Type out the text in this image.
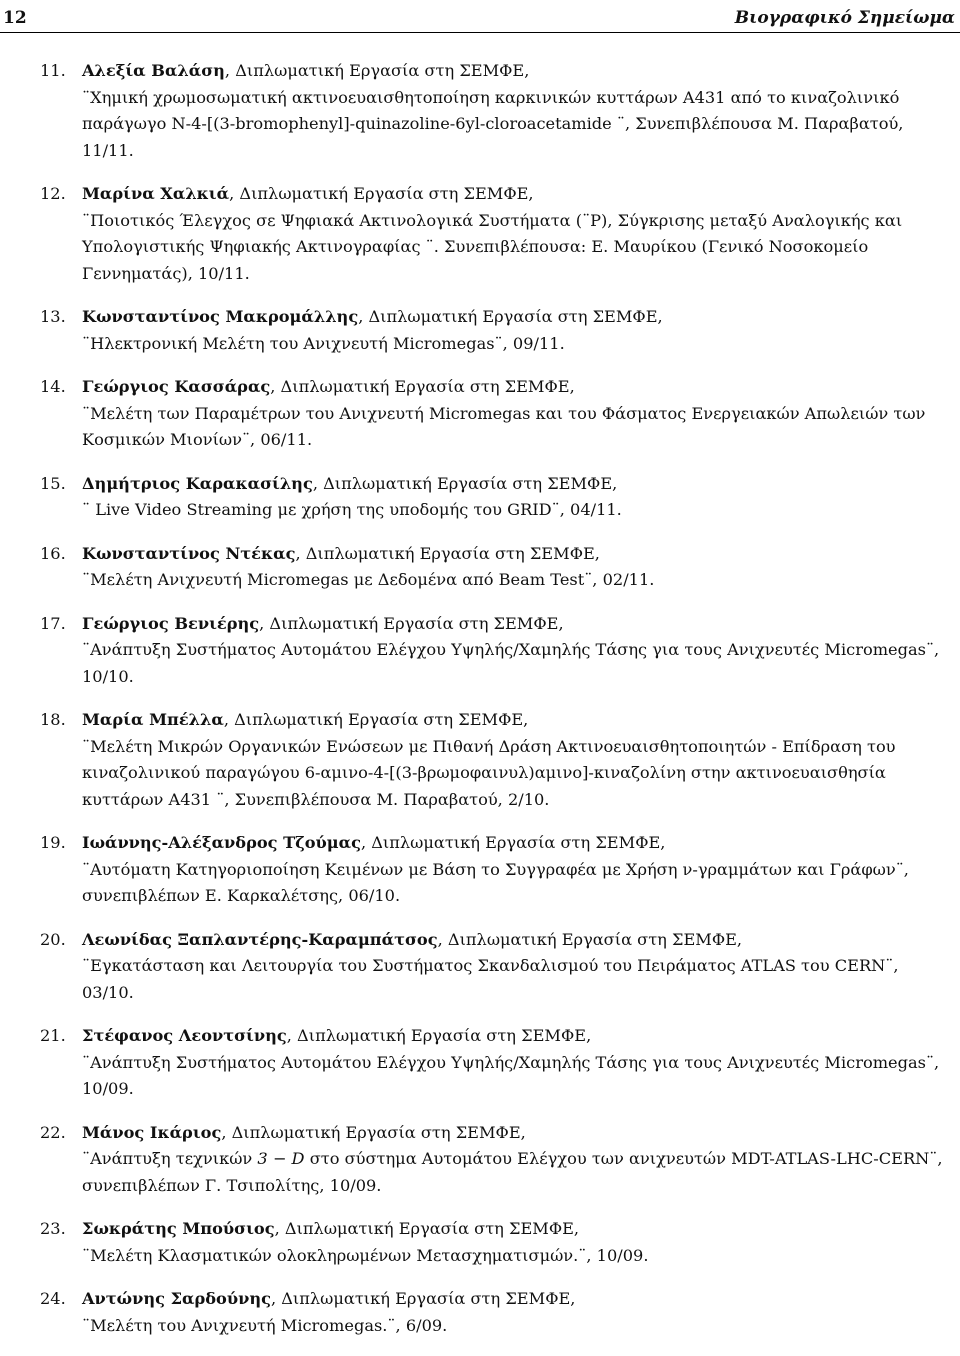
12	Βιογραφικό Σημείωμα
11. Αλεξία Βαλάση, Διπλωματική Εργασία στη ΣΕΜΦΕ,
¨Χημική χρωμοσωματική ακτινοευαισθητοποίηση καρκινικών κυττάρων A431 από το κιναζολινικό παράγωγο N-4-[(3-bromophenyl]-quinazoline-6yl-cloroacetamide ¨, Συνεπιβλέπουσα Μ. Παραβατού, 11/11.
12. Μαρίνα Χαλκιά, Διπλωματική Εργασία στη ΣΕΜΦΕ,
¨Ποιοτικός Έλεγχος σε Ψηφιακά Ακτινολογικά Συστήματα (¨P), Σύγκρισης μεταξύ Αναλογικής και Υπολογιστικής Ψηφιακής Ακτινογραφίας ¨. Συνεπιβλέπουσα: Ε. Μαυρίκου (Γενικό Νοσοκομείο Γεννηματάς), 10/11.
13. Κωνσταντίνος Μακρομάλλης, Διπλωματική Εργασία στη ΣΕΜΦΕ,
¨Ηλεκτρονική Μελέτη του Ανιχνευτή Micromegas¨, 09/11.
14. Γεώργιος Κασσάρας, Διπλωματική Εργασία στη ΣΕΜΦΕ,
¨Μελέτη των Παραμέτρων του Ανιχνευτή Micromegas και του Φάσματος Ενεργειακών Απωλειών των Κοσμικών Μιονίων¨, 06/11.
15. Δημήτριος Καρακασίλης, Διπλωματική Εργασία στη ΣΕΜΦΕ,
¨ Live Video Streaming με χρήση της υποδομής του GRID¨, 04/11.
16. Κωνσταντίνος Ντέκας, Διπλωματική Εργασία στη ΣΕΜΦΕ,
¨Μελέτη Ανιχνευτή Micromegas με Δεδομένα από Beam Test¨, 02/11.
17. Γεώργιος Βενιέρης, Διπλωματική Εργασία στη ΣΕΜΦΕ,
¨Ανάπτυξη Συστήματος Αυτομάτου Ελέγχου Υψηλής/Χαμηλής Τάσης για τους Ανιχνευτές Micromegas¨, 10/10.
18. Μαρία Μπέλλα, Διπλωματική Εργασία στη ΣΕΜΦΕ,
¨Μελέτη Μικρών Οργανικών Ενώσεων με Πιθανή Δράση Ακτινοευαισθητοποιητών - Επίδραση του κιναζολινικού παραγώγου 6-αμινο-4-[(3-βρωμοφαινυλ)αμινο]-κιναζολίνη στην ακτινοευαισθησία κυττάρων A431 ¨, Συνεπιβλέπουσα Μ. Παραβατού, 2/10.
19. Ιωάννης-Αλέξανδρος Τζούμας, Διπλωματική Εργασία στη ΣΕΜΦΕ,
¨Αυτόματη Κατηγοριοποίηση Κειμένων με Βάση το Συγγραφέα με Χρήση ν-γραμμάτων και Γράφων¨, συνεπιβλέπων Ε. Καρκαλέτσης, 06/10.
20. Λεωνίδας Ξαπλαντέρης-Καραμπάτσος, Διπλωματική Εργασία στη ΣΕΜΦΕ,
¨Εγκατάσταση και Λειτουργία του Συστήματος Σκανδαλισμού του Πειράματος ATLAS του CERN¨, 03/10.
21. Στέφανος Λεοντσίνης, Διπλωματική Εργασία στη ΣΕΜΦΕ,
¨Ανάπτυξη Συστήματος Αυτομάτου Ελέγχου Υψηλής/Χαμηλής Τάσης για τους Ανιχνευτές Micromegas¨, 10/09.
22. Μάνος Ικάριος, Διπλωματική Εργασία στη ΣΕΜΦΕ,
¨Ανάπτυξη τεχνικών 3 − D στο σύστημα Αυτομάτου Ελέγχου των ανιχνευτών MDT-ATLAS-LHC-CERN¨, συνεπιβλέπων Γ. Τσιπολίτης, 10/09.
23. Σωκράτης Μπούσιος, Διπλωματική Εργασία στη ΣΕΜΦΕ,
¨Μελέτη Κλασματικών ολοκληρωμένων Μετασχηματισμών.¨, 10/09.
24. Αντώνης Σαρδούνης, Διπλωματική Εργασία στη ΣΕΜΦΕ,
¨Μελέτη του Ανιχνευτή Micromegas.¨, 6/09.
